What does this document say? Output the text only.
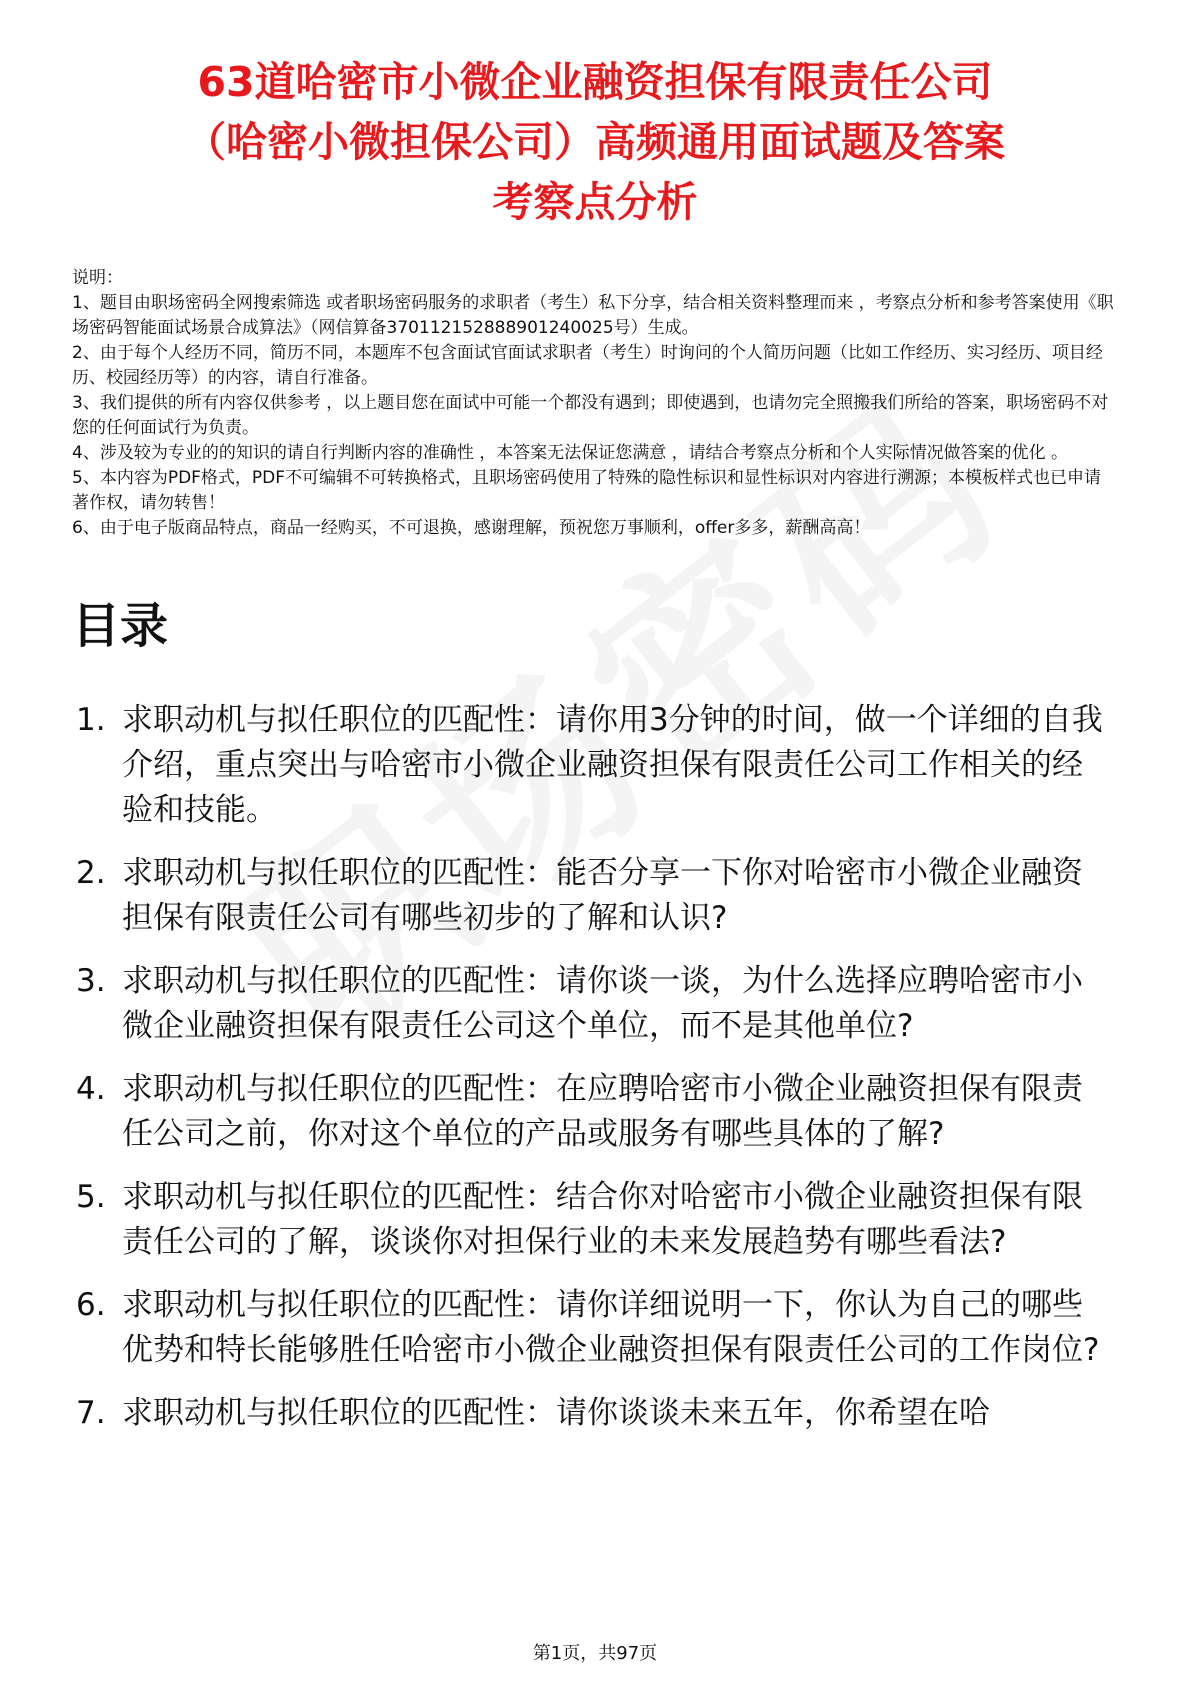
63道哈密市小微企业融资担保有限责任公司
（哈密小微担保公司）高频通用面试题及答案
考察点分析

说明：

1、题目由职场密码全网搜索筛选 或者职场密码服务的求职者（考生）私下分享，结合相关资料整理而来 ，考察点分析和参考答案使用《职场密码智能面试场景合成算法》（网信算备370112152888901240025号）生成。

2、由于每个人经历不同，简历不同，本题库不包含面试官面试求职者（考生）时询问的个人简历问题（比如工作经历、实习经历、项目经历、校园经历等）的内容，请自行准备。

3、我们提供的所有内容仅供参考 ，以上题目您在面试中可能一个都没有遇到；即使遇到，也请勿完全照搬我们所给的答案，职场密码不对您的任何面试行为负责。

4、涉及较为专业的的知识的请自行判断内容的准确性 ，本答案无法保证您满意 ，请结合考察点分析和个人实际情况做答案的优化 。

5、本内容为PDF格式，PDF不可编辑不可转换格式，且职场密码使用了特殊的隐性标识和显性标识对内容进行溯源；本模板样式也已申请著作权，请勿转售！

6、由于电子版商品特点，商品一经购买，不可退换，感谢理解，预祝您万事顺利，offer多多，薪酬高高！

目录
1. 求职动机与拟任职位的匹配性：请你用3分钟的时间，做一个详细的自我介绍，重点突出与哈密市小微企业融资担保有限责任公司工作相关的经验和技能。
2. 求职动机与拟任职位的匹配性：能否分享一下你对哈密市小微企业融资担保有限责任公司有哪些初步的了解和认识?
3. 求职动机与拟任职位的匹配性：请你谈一谈，为什么选择应聘哈密市小微企业融资担保有限责任公司这个单位，而不是其他单位?
4. 求职动机与拟任职位的匹配性：在应聘哈密市小微企业融资担保有限责任公司之前，你对这个单位的产品或服务有哪些具体的了解?
5. 求职动机与拟任职位的匹配性：结合你对哈密市小微企业融资担保有限责任公司的了解，谈谈你对担保行业的未来发展趋势有哪些看法?
6. 求职动机与拟任职位的匹配性：请你详细说明一下，你认为自己的哪些优势和特长能够胜任哈密市小微企业融资担保有限责任公司的工作岗位?
7. 求职动机与拟任职位的匹配性：请你谈谈未来五年，你希望在哈
第1页，共97页
